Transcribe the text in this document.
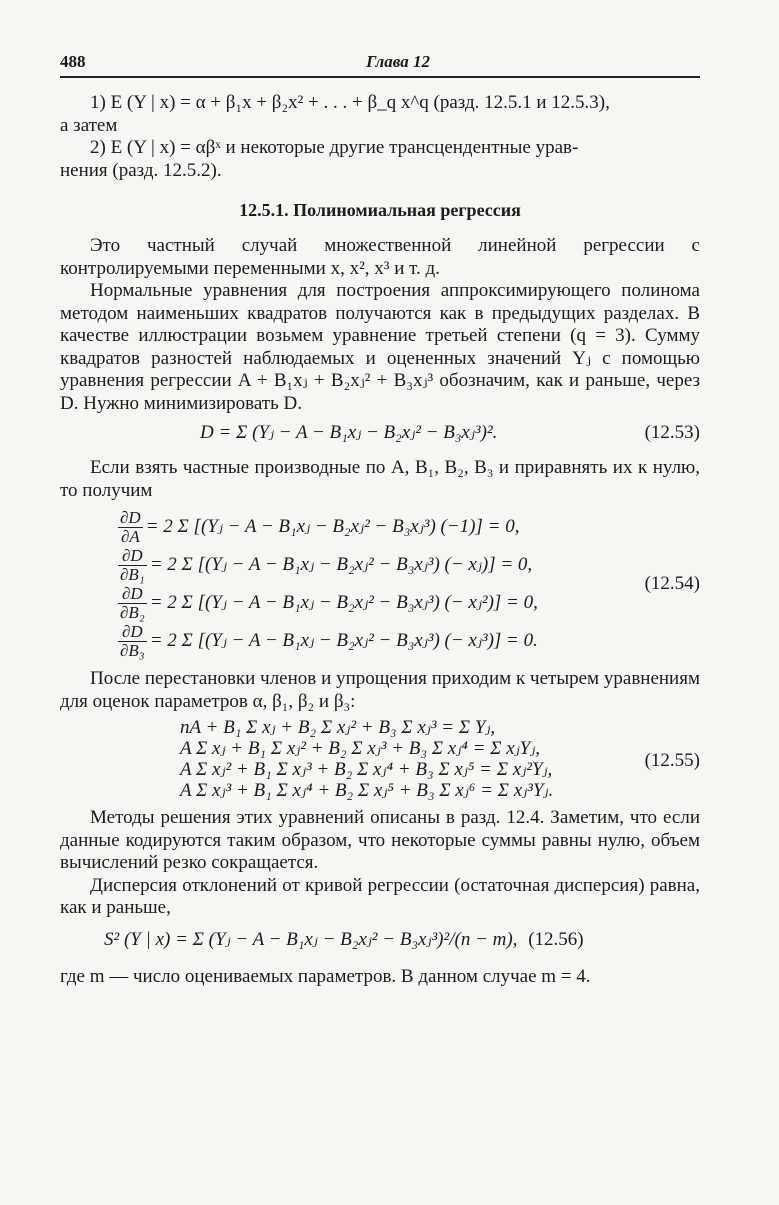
488	Глава 12

1) E (Y | x) = α + β₁x + β₂x² + . . . + β_q x^q (разд. 12.5.1 и 12.5.3),

а затем

2) E (Y | x) = αβˣ и некоторые другие трансцендентные урав-

нения (разд. 12.5.2).

12.5.1. Полиномиальная регрессия

Это частный случай множественной линейной регрессии с контролируемыми переменными x, x², x³ и т. д.

Нормальные уравнения для построения аппроксимирующего полинома методом наименьших квадратов получаются как в предыдущих разделах. В качестве иллюстрации возьмем уравнение третьей степени (q = 3). Сумму квадратов разностей наблюдаемых и оцененных значений Yⱼ с помощью уравнения регрессии A + B₁xⱼ + B₂xⱼ² + B₃xⱼ³ обозначим, как и раньше, через D. Нужно минимизировать D.

D = Σ (Yⱼ − A − B₁xⱼ − B₂xⱼ² − B₃xⱼ³)².	(12.53)

Если взять частные производные по A, B₁, B₂, B₃ и приравнять их к нулю, то получим

$\frac{\partial D}{\partial A} = 2$ Σ [(Yⱼ − A − B₁xⱼ − B₂xⱼ² − B₃xⱼ³) (−1)] = 0,
$\frac{\partial D}{\text{∂B₁}} = 2$ Σ [(Yⱼ − A − B₁xⱼ − B₂xⱼ² − B₃xⱼ³) (− xⱼ)] = 0,
$\frac{\partial D}{\text{∂B₂}} = 2$ Σ [(Yⱼ − A − B₁xⱼ − B₂xⱼ² − B₃xⱼ³) (− xⱼ²)] = 0,
$\frac{\partial D}{\text{∂B₃}} = 2$ Σ [(Yⱼ − A − B₁xⱼ − B₂xⱼ² − B₃xⱼ³) (− xⱼ³)] = 0.
(12.54)

После перестановки членов и упрощения приходим к четырем уравнениям для оценок параметров α, β₁, β₂ и β₃:

nA + B₁ Σ xⱼ + B₂ Σ xⱼ² + B₃ Σ xⱼ³ = Σ Yⱼ,
A Σ xⱼ + B₁ Σ xⱼ² + B₂ Σ xⱼ³ + B₃ Σ xⱼ⁴ = Σ xⱼYⱼ,
A Σ xⱼ² + B₁ Σ xⱼ³ + B₂ Σ xⱼ⁴ + B₃ Σ xⱼ⁵ = Σ xⱼ²Yⱼ,
A Σ xⱼ³ + B₁ Σ xⱼ⁴ + B₂ Σ xⱼ⁵ + B₃ Σ xⱼ⁶ = Σ xⱼ³Yⱼ.
(12.55)

Методы решения этих уравнений описаны в разд. 12.4. Заметим, что если данные кодируются таким образом, что некоторые суммы равны нулю, объем вычислений резко сокращается.

Дисперсия отклонений от кривой регрессии (остаточная дисперсия) равна, как и раньше,

S² (Y | x) = Σ (Yⱼ − A − B₁xⱼ − B₂xⱼ² − B₃xⱼ³)²/(n − m), (12.56)

где m — число оцениваемых параметров. В данном случае m = 4.
